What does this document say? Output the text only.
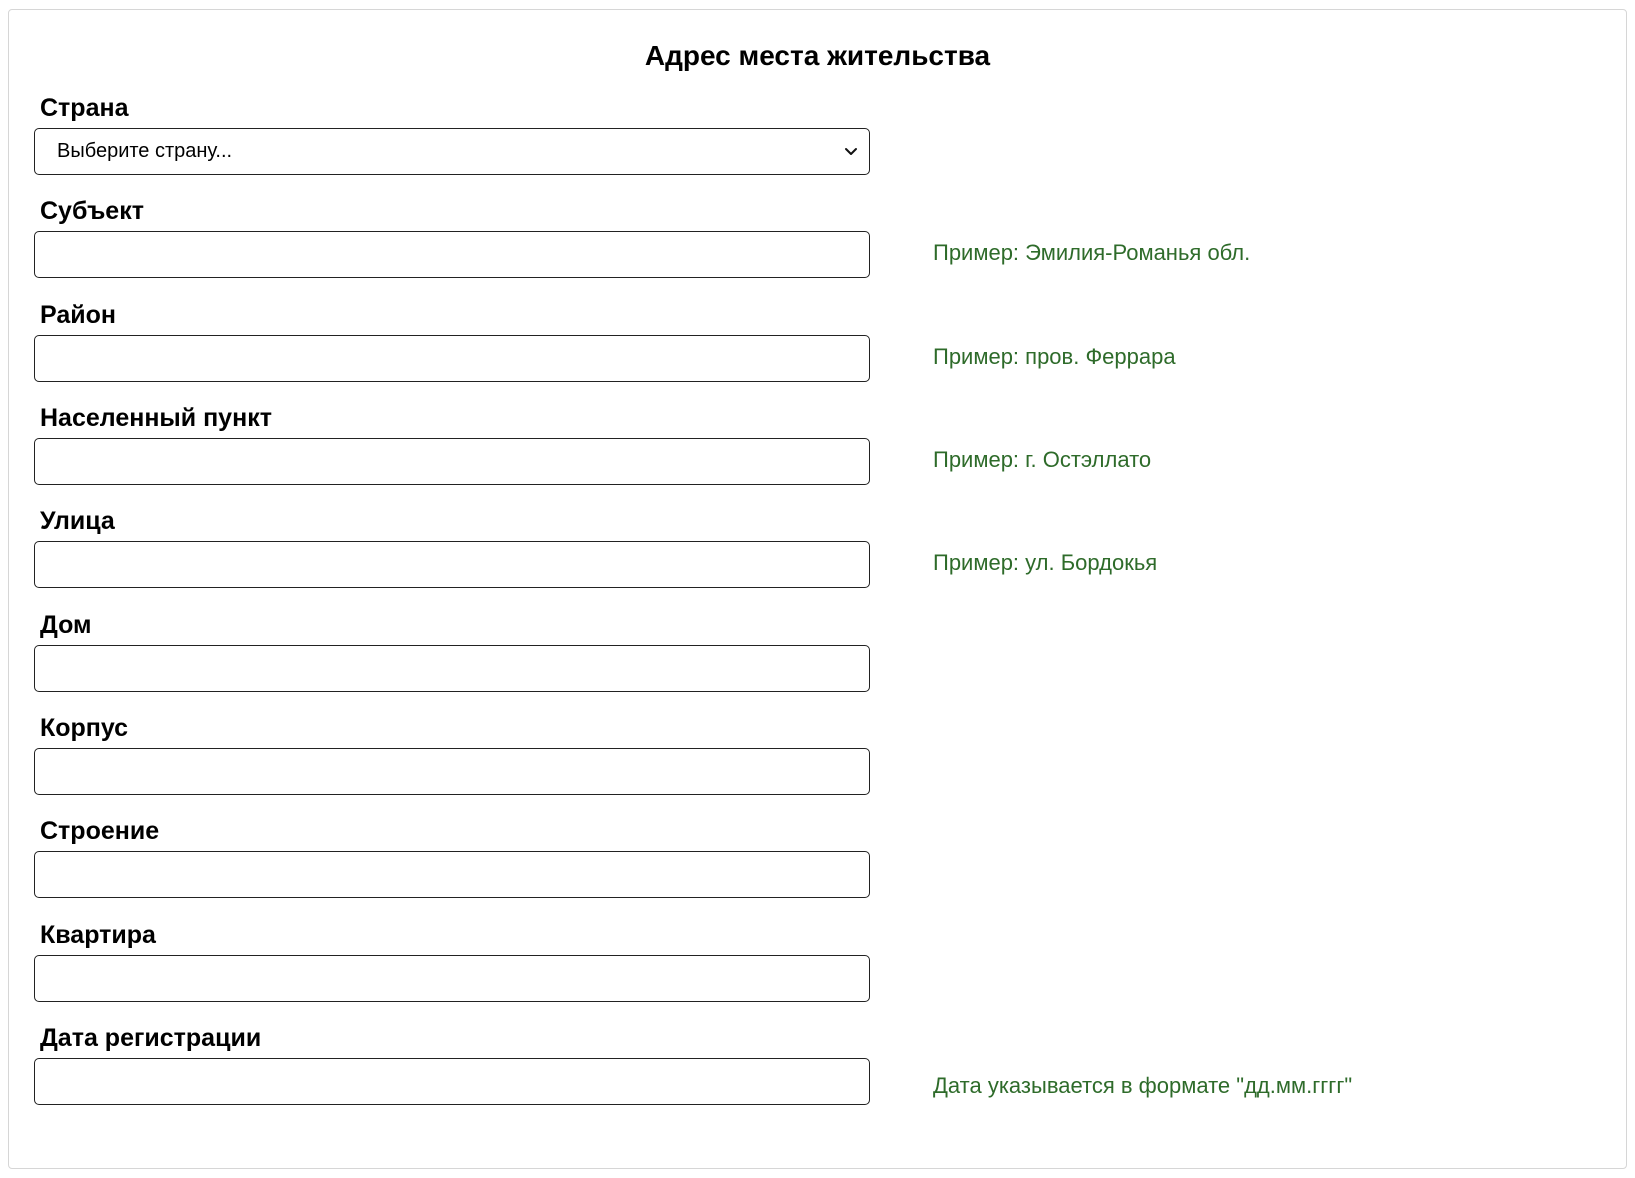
Адрес места жительства
Страна
Выберите страну...
Субъект
Пример: Эмилия-Романья обл.
Район
Пример: пров. Феррара
Населенный пункт
Пример: г. Остэллато
Улица
Пример: ул. Бордокья
Дом
Корпус
Строение
Квартира
Дата регистрации
Дата указывается в формате "дд.мм.гггг"
